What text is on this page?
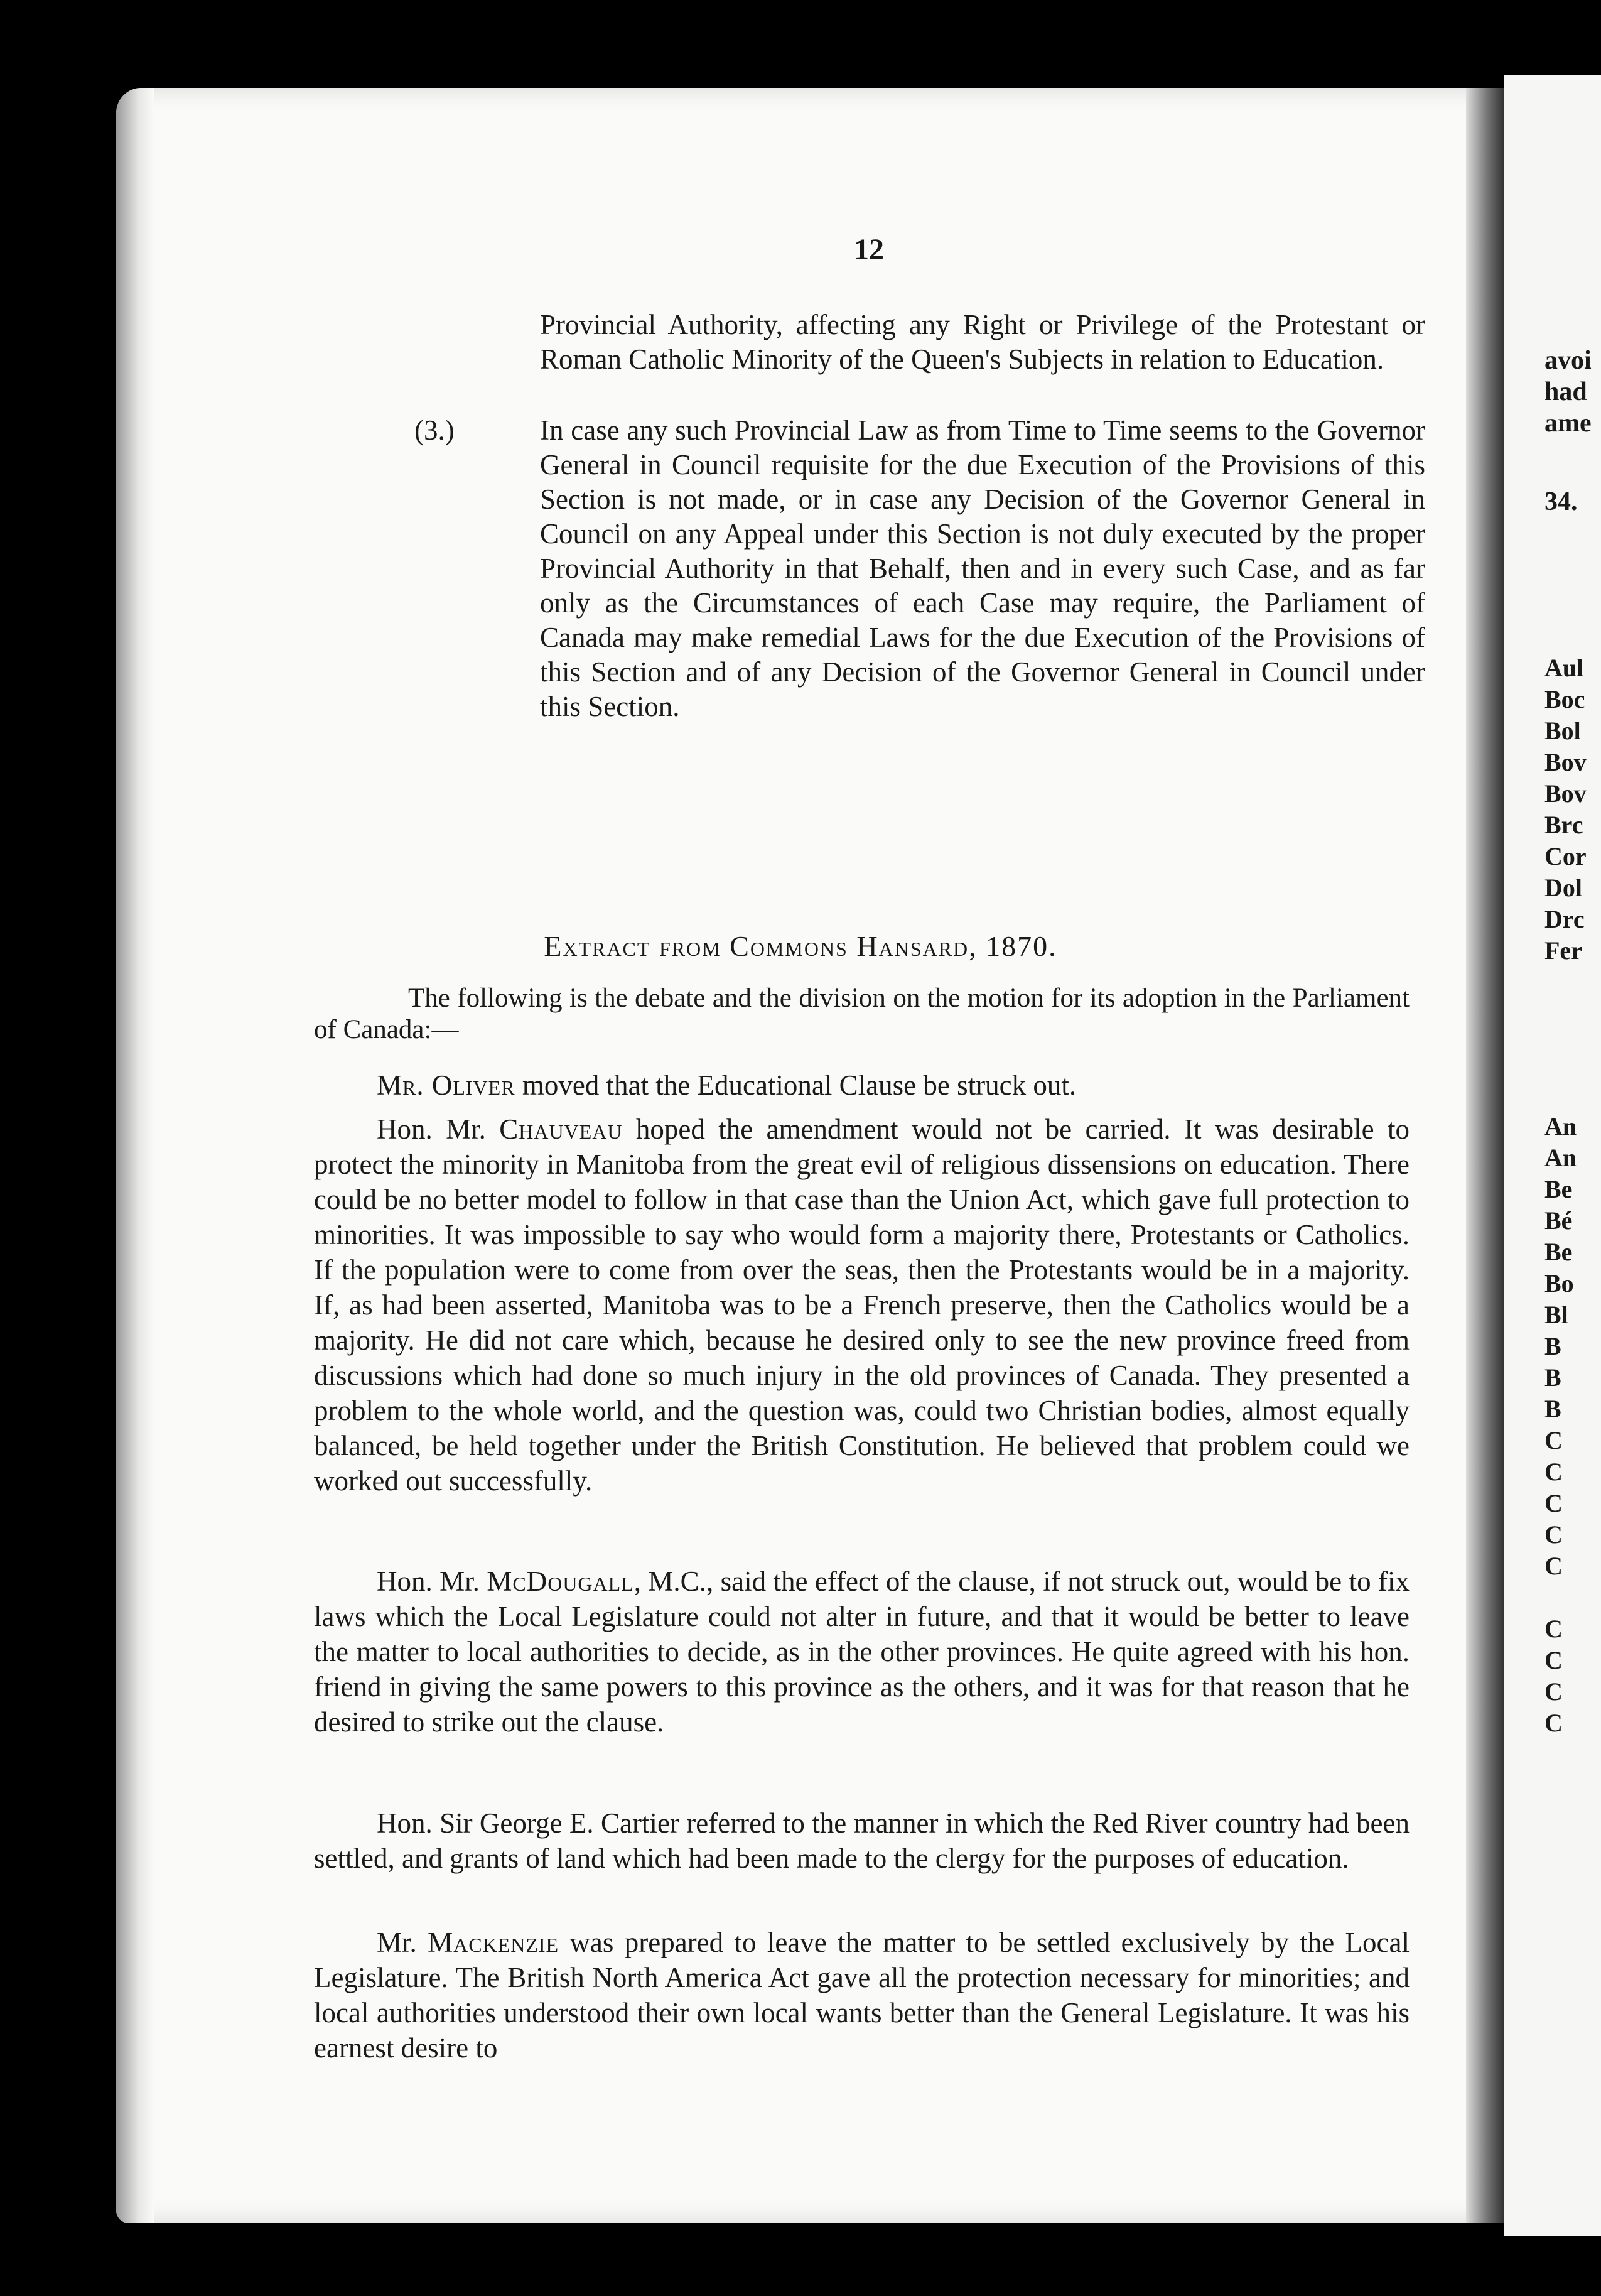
12
Provincial Authority, affecting any Right or Privilege of the Protestant or Roman Catholic Minority of the Queen's Subjects in relation to Education.
(3.)	In case any such Provincial Law as from Time to Time seems to the Governor General in Council requisite for the due Execution of the Provisions of this Section is not made, or in case any Decision of the Governor General in Council on any Appeal under this Section is not duly executed by the proper Provincial Authority in that Behalf, then and in every such Case, and as far only as the Circumstances of each Case may require, the Parliament of Canada may make remedial Laws for the due Execution of the Provisions of this Section and of any Decision of the Governor General in Council under this Section.
Extract from Commons Hansard, 1870.
The following is the debate and the division on the motion for its adoption in the Parliament of Canada:—
Mr. Oliver moved that the Educational Clause be struck out.
Hon. Mr. Chauveau hoped the amendment would not be carried. It was desirable to protect the minority in Manitoba from the great evil of religious dissensions on education. There could be no better model to follow in that case than the Union Act, which gave full protection to minorities. It was impossible to say who would form a majority there, Protestants or Catholics. If the population were to come from over the seas, then the Protestants would be in a majority. If, as had been asserted, Manitoba was to be a French preserve, then the Catholics would be a majority. He did not care which, because he desired only to see the new province freed from discussions which had done so much injury in the old provinces of Canada. They presented a problem to the whole world, and the question was, could two Christian bodies, almost equally balanced, be held together under the British Constitution. He believed that problem could we worked out successfully.
Hon. Mr. McDougall, M.C., said the effect of the clause, if not struck out, would be to fix laws which the Local Legislature could not alter in future, and that it would be better to leave the matter to local authorities to decide, as in the other provinces. He quite agreed with his hon. friend in giving the same powers to this province as the others, and it was for that reason that he desired to strike out the clause.
Hon. Sir George E. Cartier referred to the manner in which the Red River country had been settled, and grants of land which had been made to the clergy for the purposes of education.
Mr. Mackenzie was prepared to leave the matter to be settled exclusively by the Local Legislature. The British North America Act gave all the protection necessary for minorities; and local authorities understood their own local wants better than the General Legislature. It was his earnest desire to
avoi
had
ame
34.
Aul
Boc
Bol
Bov
Bov
Brc
Cor
Dol
Drc
Fer
An
An
Be
Bé
Be
Bo
Bl
B
B
B
C
C
C
C
C
C
C
C
C
